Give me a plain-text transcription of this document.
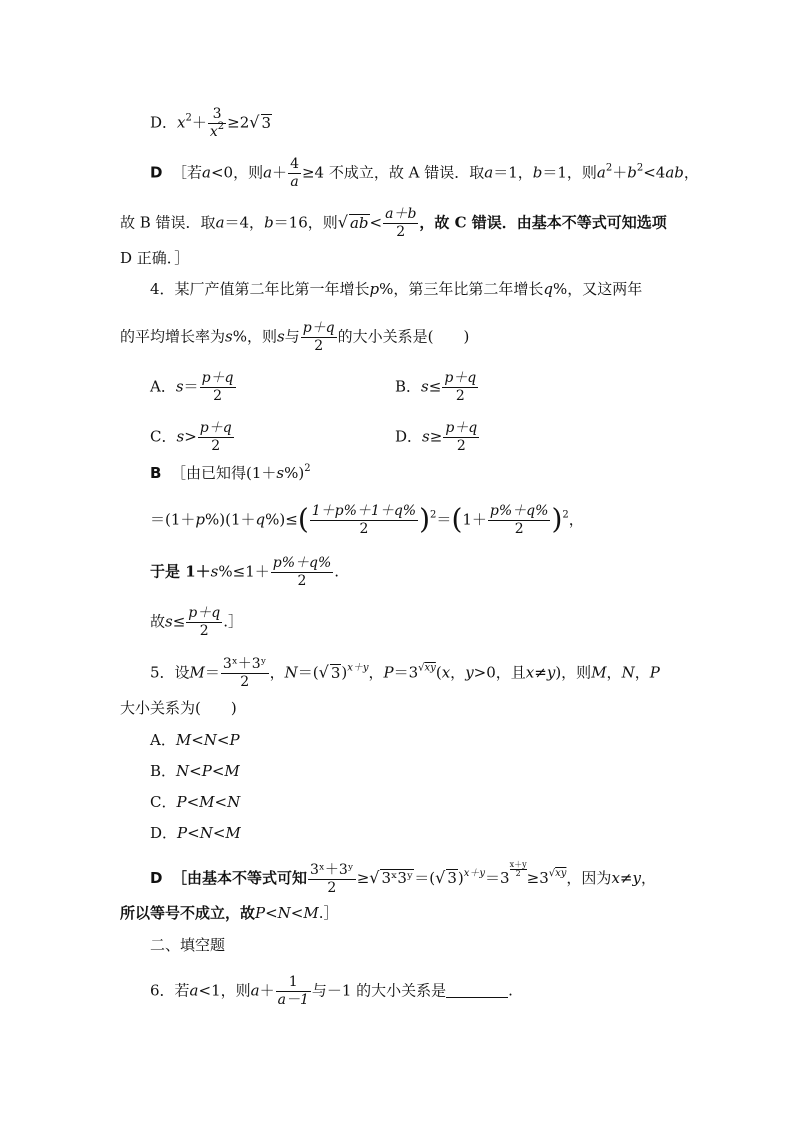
D．$x^2+ \frac{3}{x^2} \ge 2√$ 3
D ［若a<0，则$a+ \frac{4}{a} \ge 4$ 不成立，故 A 错误．取a＝1，b＝1，则$a^2+b^2<4ab$，
故 B 错误．取a＝4，b＝16，则√ $ab< \frac{a+b}{2}$ ，故 C 错误．由基本不等式可知选项
D 正确．］
4．某厂产值第二年比第一年增长p%，第三年比第二年增长q%，又这两年
的平均增长率为s%，则s与 $\frac{p+q}{2}$ 的大小关系是(　　)
A．$s= \frac{p+q}{2}$	B．$s\le \frac{p+q}{2}$
C．$s> \frac{p+q}{2}$	D．$s\ge \frac{p+q}{2}$
B ［由已知得$(1+s\%)^2$
$=(1+p\%)(1+q\%)\le( \frac{1+p\%+1+q\%}{2} )^2=(1+ \frac{p\%+q\%}{2} )^2$，
于是 $1+s\%\le 1+ \frac{p\%+q\%}{2}$ .
故$s\le \frac{p+q}{2}$ .］
5．设$M= \frac{\text{3ˣ＋3ʸ}}{2}$ ，N＝(√ 3)$^{x+y}$，$P=3^{√xy}(x$，y>0，且x≠y)，则M，N，P
大小关系为(　　)
A．M<N<P
B．N<P<M
C．P<M<N
D．P<N<M
D ［由基本不等式可知 $\frac{\text{3ˣ＋3ʸ}}{2}$ ≥√ 3ˣ3ʸ＝(√ $3)^{x+y}=3 \frac{x+y}{2} \ge 3^{√xy}$，因为x≠y，
所以等号不成立，故P<N<M.］
二、填空题
6．若a<1，则$a+ \frac{1}{a-1}$ 与－1 的大小关系是	.
